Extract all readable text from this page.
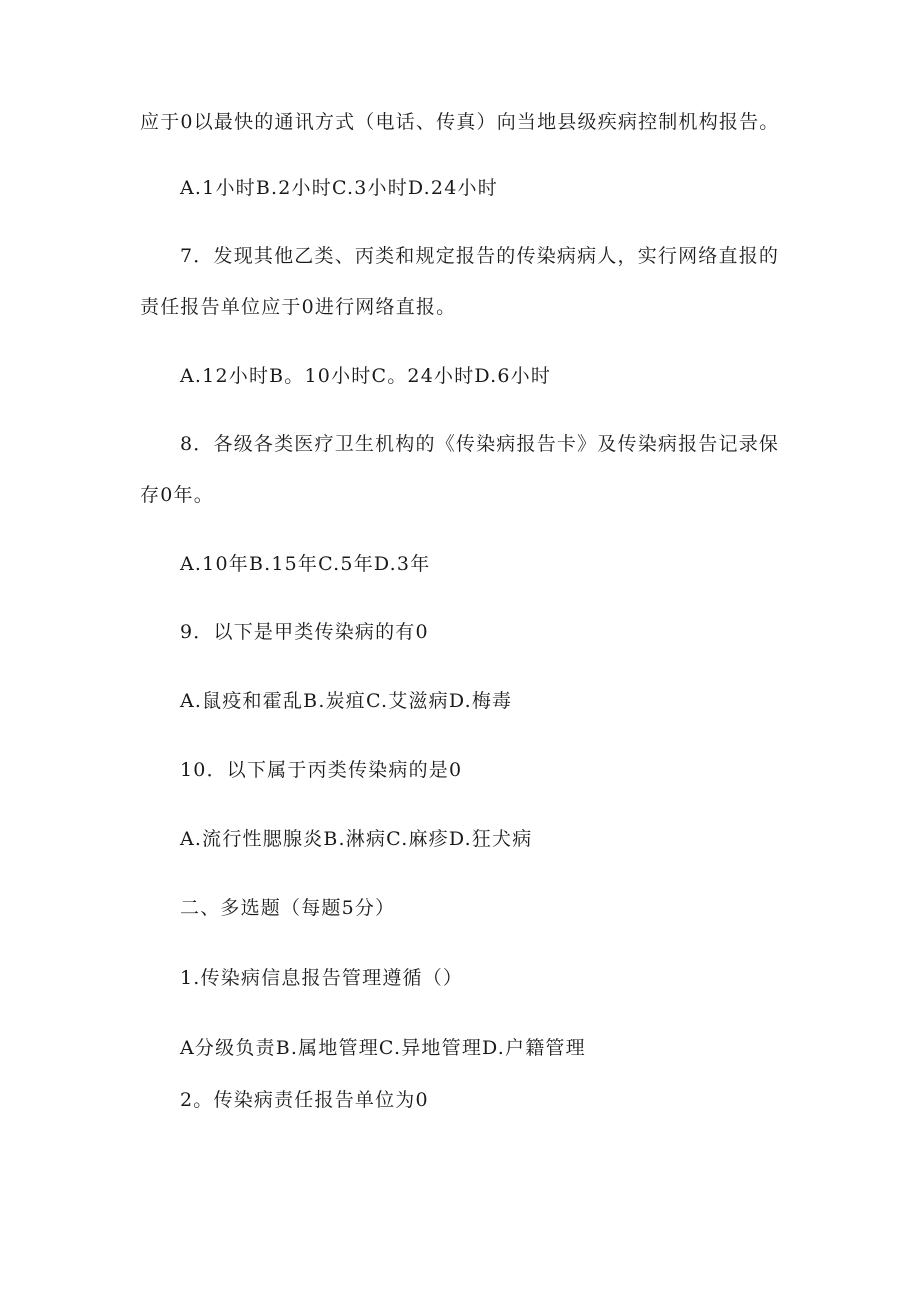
应于0以最快的通讯方式（电话、传真）向当地县级疾病控制机构报告。
A.1小时B.2小时C.3小时D.24小时
7．发现其他乙类、丙类和规定报告的传染病病人，实行网络直报的
责任报告单位应于0进行网络直报。
A.12小时B。10小时C。24小时D.6小时
8．各级各类医疗卫生机构的《传染病报告卡》及传染病报告记录保
存0年。
A.10年B.15年C.5年D.3年
9．以下是甲类传染病的有0
A.鼠疫和霍乱B.炭疽C.艾滋病D.梅毒
10．以下属于丙类传染病的是0
A.流行性腮腺炎B.淋病C.麻疹D.狂犬病
二、多选题（每题5分）
1.传染病信息报告管理遵循（）
A分级负责B.属地管理C.异地管理D.户籍管理
2。传染病责任报告单位为0
